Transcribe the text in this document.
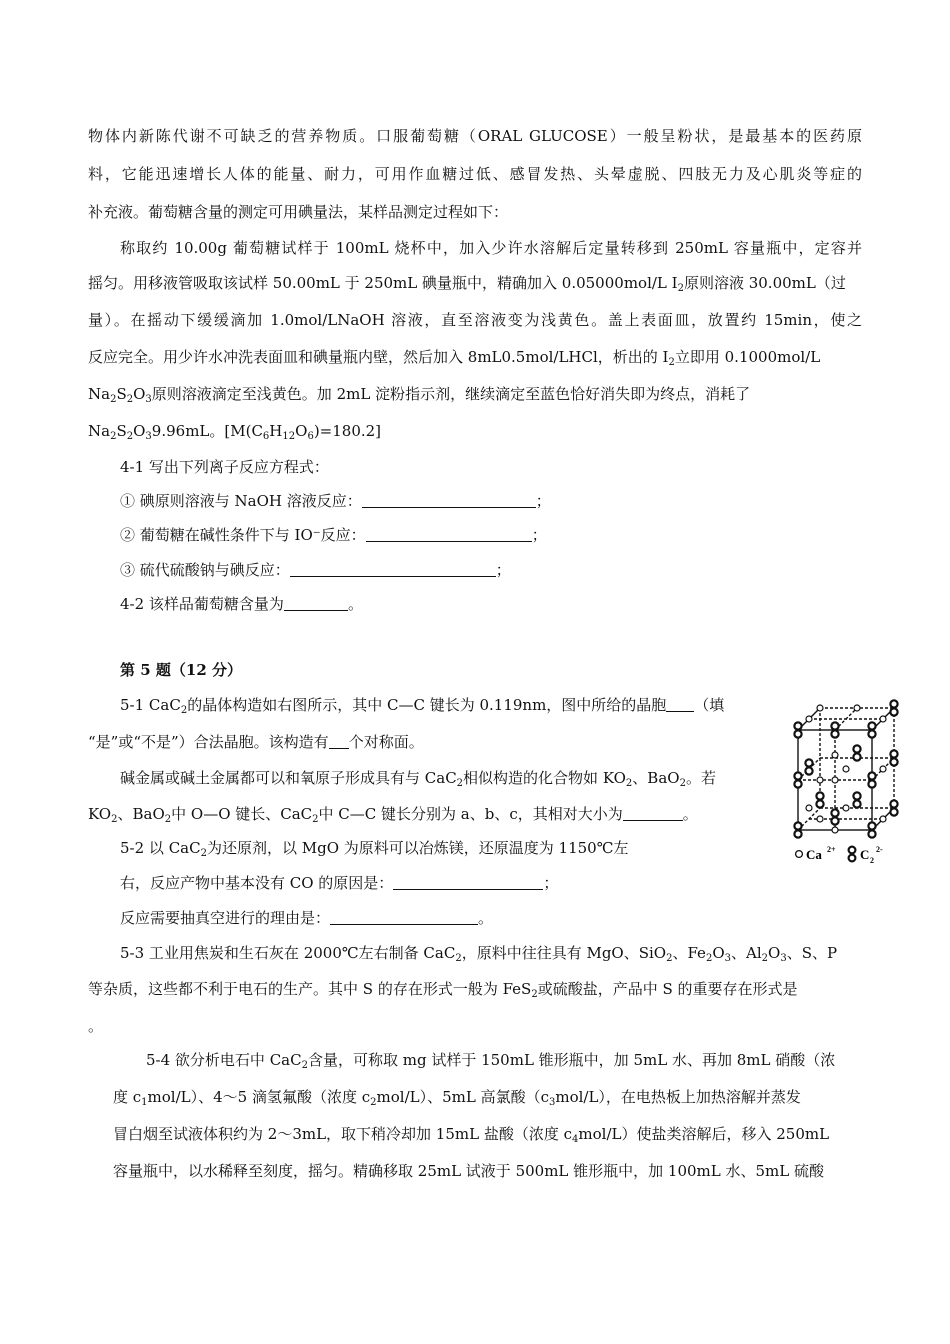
物体内新陈代谢不可缺乏的营养物质。口服葡萄糖（ORAL GLUCOSE）一般呈粉状，是最基本的医药原
料，它能迅速增长人体的能量、耐力，可用作血糖过低、感冒发热、头晕虚脱、四肢无力及心肌炎等症的
补充液。葡萄糖含量的测定可用碘量法，某样品测定过程如下：
称取约 10.00g 葡萄糖试样于 100mL 烧杯中，加入少许水溶解后定量转移到 250mL 容量瓶中，定容并
摇匀。用移液管吸取该试样 50.00mL 于 250mL 碘量瓶中，精确加入 0.05000mol/L $I_2$原则溶液 30.00mL（过
量）。在摇动下缓缓滴加 1.0mol/LNaOH 溶液，直至溶液变为浅黄色。盖上表面皿，放置约 15min，使之
反应完全。用少许水冲洗表面皿和碘量瓶内壁，然后加入 8mL0.5mol/LHCl，析出的 $I_2$立即用 0.1000mol/L
$Na_2S_2O_3$原则溶液滴定至浅黄色。加 2mL 淀粉指示剂，继续滴定至蓝色恰好消失即为终点，消耗了
$Na_2S_2O_39.96mL$。$[M(C_6H_{12}O_6)=180.2]$
4-1 写出下列离子反应方程式：
① 碘原则溶液与 NaOH 溶液反应：	；
② 葡萄糖在碱性条件下与 IO⁻反应：	；
③ 硫代硫酸钠与碘反应：	；
4-2 该样品葡萄糖含量为	。
第 5 题（12 分）
5-1 CaC$_2$的晶体构造如右图所示，其中 C—C 键长为 0.119nm，图中所给的晶胞 （填
“是”或“不是”）合法晶胞。该构造有 个对称面。
碱金属或碱土金属都可以和氧原子形成具有与 CaC$_2$相似构造的化合物如 $KO_2$、BaO$_2$。若
$KO_2$、BaO$_2$中 O—O 键长、CaC$_2$中 C—C 键长分别为 a、b、c，其相对大小为	。
5-2 以 CaC$_2$为还原剂，以 MgO 为原料可以冶炼镁，还原温度为 1150℃左
右，反应产物中基本没有 CO 的原因是：	；
反应需要抽真空进行的理由是：	。
5-3 工业用焦炭和生石灰在 2000℃左右制备 CaC$_2$，原料中往往具有 MgO、SiO$_2$、$Fe_2O_3$、$Al_2O_3$、S、P
等杂质，这些都不利于电石的生产。其中 S 的存在形式一般为 FeS$_2$或硫酸盐，产品中 S 的重要存在形式是
。
5-4 欲分析电石中 CaC$_2$含量，可称取 mg 试样于 150mL 锥形瓶中，加 5mL 水、再加 8mL 硝酸（浓
度 $c_1mol/L$）、4～5 滴氢氟酸（浓度 $c_2mol/L$）、5mL 高氯酸$(c_3mol/L)$，在电热板上加热溶解并蒸发
冒白烟至试液体积约为 2～3mL，取下稍冷却加 15mL 盐酸（浓度 $c_4mol/L$）使盐类溶解后，移入 250mL
容量瓶中，以水稀释至刻度，摇匀。精确移取 25mL 试液于 500mL 锥形瓶中，加 100mL 水、5mL 硫酸
Ca 2+ C 2
2-
